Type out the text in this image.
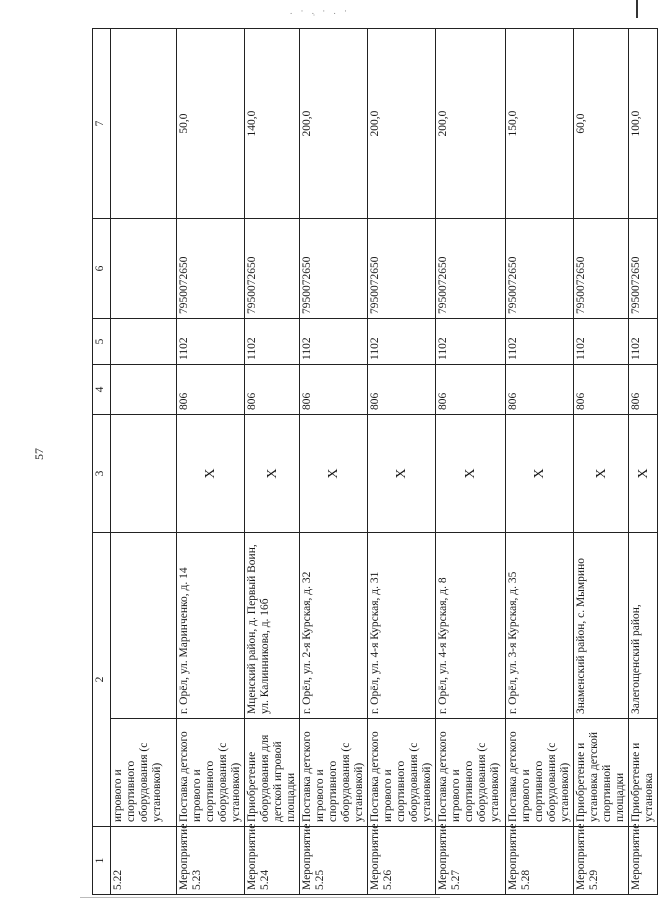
. · .̣ · . ·
57
1	2		3	4	5	6	7
5.22	игрового и спортивного оборудования (с установкой)						
Мероприятие 5.23	Поставка детского игрового и спортивного оборудования (с установкой)	г. Орёл, ул. Маринченко, д. 14	X	806	1102	7950072650	50,0
Мероприятие 5.24	Приобретение оборудования для детской игровой площадки	Мценский район, д. Первый Воин, ул. Калинникова, д. 16б	X	806	1102	7950072650	140,0
Мероприятие 5.25	Поставка детского игрового и спортивного оборудования (с установкой)	г. Орёл, ул. 2-я Курская, д. 32	X	806	1102	7950072650	200,0
Мероприятие 5.26	Поставка детского игрового и спортивного оборудования (с установкой)	г. Орёл, ул. 4-я Курская, д. 31	X	806	1102	7950072650	200,0
Мероприятие 5.27	Поставка детского игрового и спортивного оборудования (с установкой)	г. Орёл, ул. 4-я Курская, д. 8	X	806	1102	7950072650	200,0
Мероприятие 5.28	Поставка детского игрового и спортивного оборудования (с установкой)	г. Орёл, ул. 3-я Курская, д. 35	X	806	1102	7950072650	150,0
Мероприятие 5.29	Приобретение и установка детской спортивной площадки	Знаменский район, с. Мымрино	X	806	1102	7950072650	60,0
Мероприятие	Приобретение и установка	Залегощенский район,	X	806	1102	7950072650	100,0
